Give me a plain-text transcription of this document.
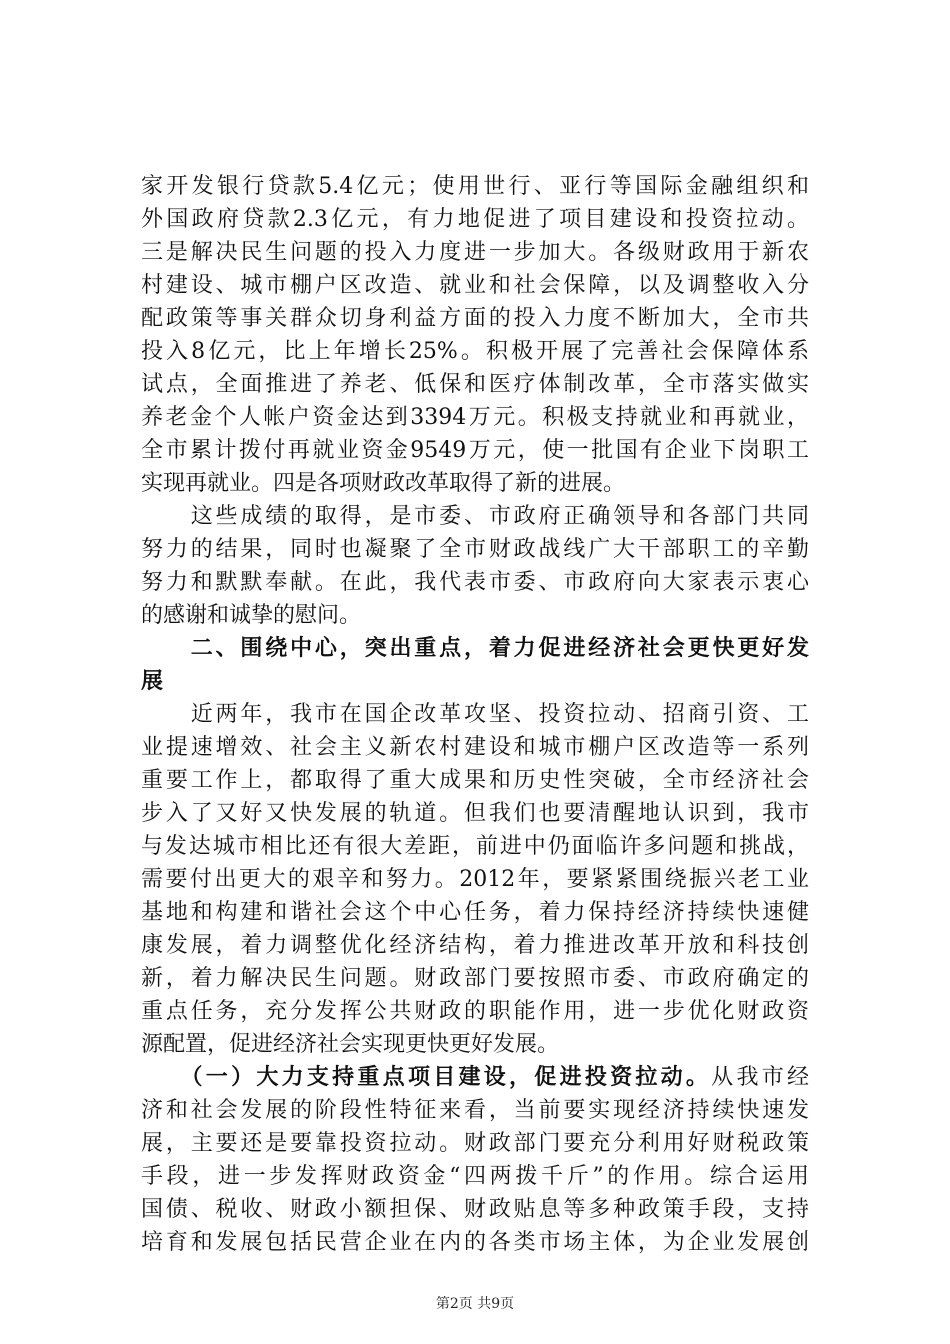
家开发银行贷款5.4亿元；使用世行、亚行等国际金融组织和
外国政府贷款2.3亿元，有力地促进了项目建设和投资拉动。
三是解决民生问题的投入力度进一步加大。各级财政用于新农
村建设、城市棚户区改造、就业和社会保障，以及调整收入分
配政策等事关群众切身利益方面的投入力度不断加大，全市共
投入8亿元，比上年增长25%。积极开展了完善社会保障体系
试点，全面推进了养老、低保和医疗体制改革，全市落实做实
养老金个人帐户资金达到3394万元。积极支持就业和再就业，
全市累计拨付再就业资金9549万元，使一批国有企业下岗职工
实现再就业。四是各项财政改革取得了新的进展。
　　这些成绩的取得，是市委、市政府正确领导和各部门共同
努力的结果，同时也凝聚了全市财政战线广大干部职工的辛勤
努力和默默奉献。在此，我代表市委、市政府向大家表示衷心
的感谢和诚挚的慰问。
　　二、围绕中心，突出重点，着力促进经济社会更快更好发
展
　　近两年，我市在国企改革攻坚、投资拉动、招商引资、工
业提速增效、社会主义新农村建设和城市棚户区改造等一系列
重要工作上，都取得了重大成果和历史性突破，全市经济社会
步入了又好又快发展的轨道。但我们也要清醒地认识到，我市
与发达城市相比还有很大差距，前进中仍面临许多问题和挑战，
需要付出更大的艰辛和努力。2012年，要紧紧围绕振兴老工业
基地和构建和谐社会这个中心任务，着力保持经济持续快速健
康发展，着力调整优化经济结构，着力推进改革开放和科技创
新，着力解决民生问题。财政部门要按照市委、市政府确定的
重点任务，充分发挥公共财政的职能作用，进一步优化财政资
源配置，促进经济社会实现更快更好发展。
　　（一）大力支持重点项目建设，促进投资拉动。从我市经
济和社会发展的阶段性特征来看，当前要实现经济持续快速发
展，主要还是要靠投资拉动。财政部门要充分利用好财税政策
手段，进一步发挥财政资金“四两拨千斤”的作用。综合运用
国债、税收、财政小额担保、财政贴息等多种政策手段，支持
培育和发展包括民营企业在内的各类市场主体，为企业发展创
第2页 共9页
